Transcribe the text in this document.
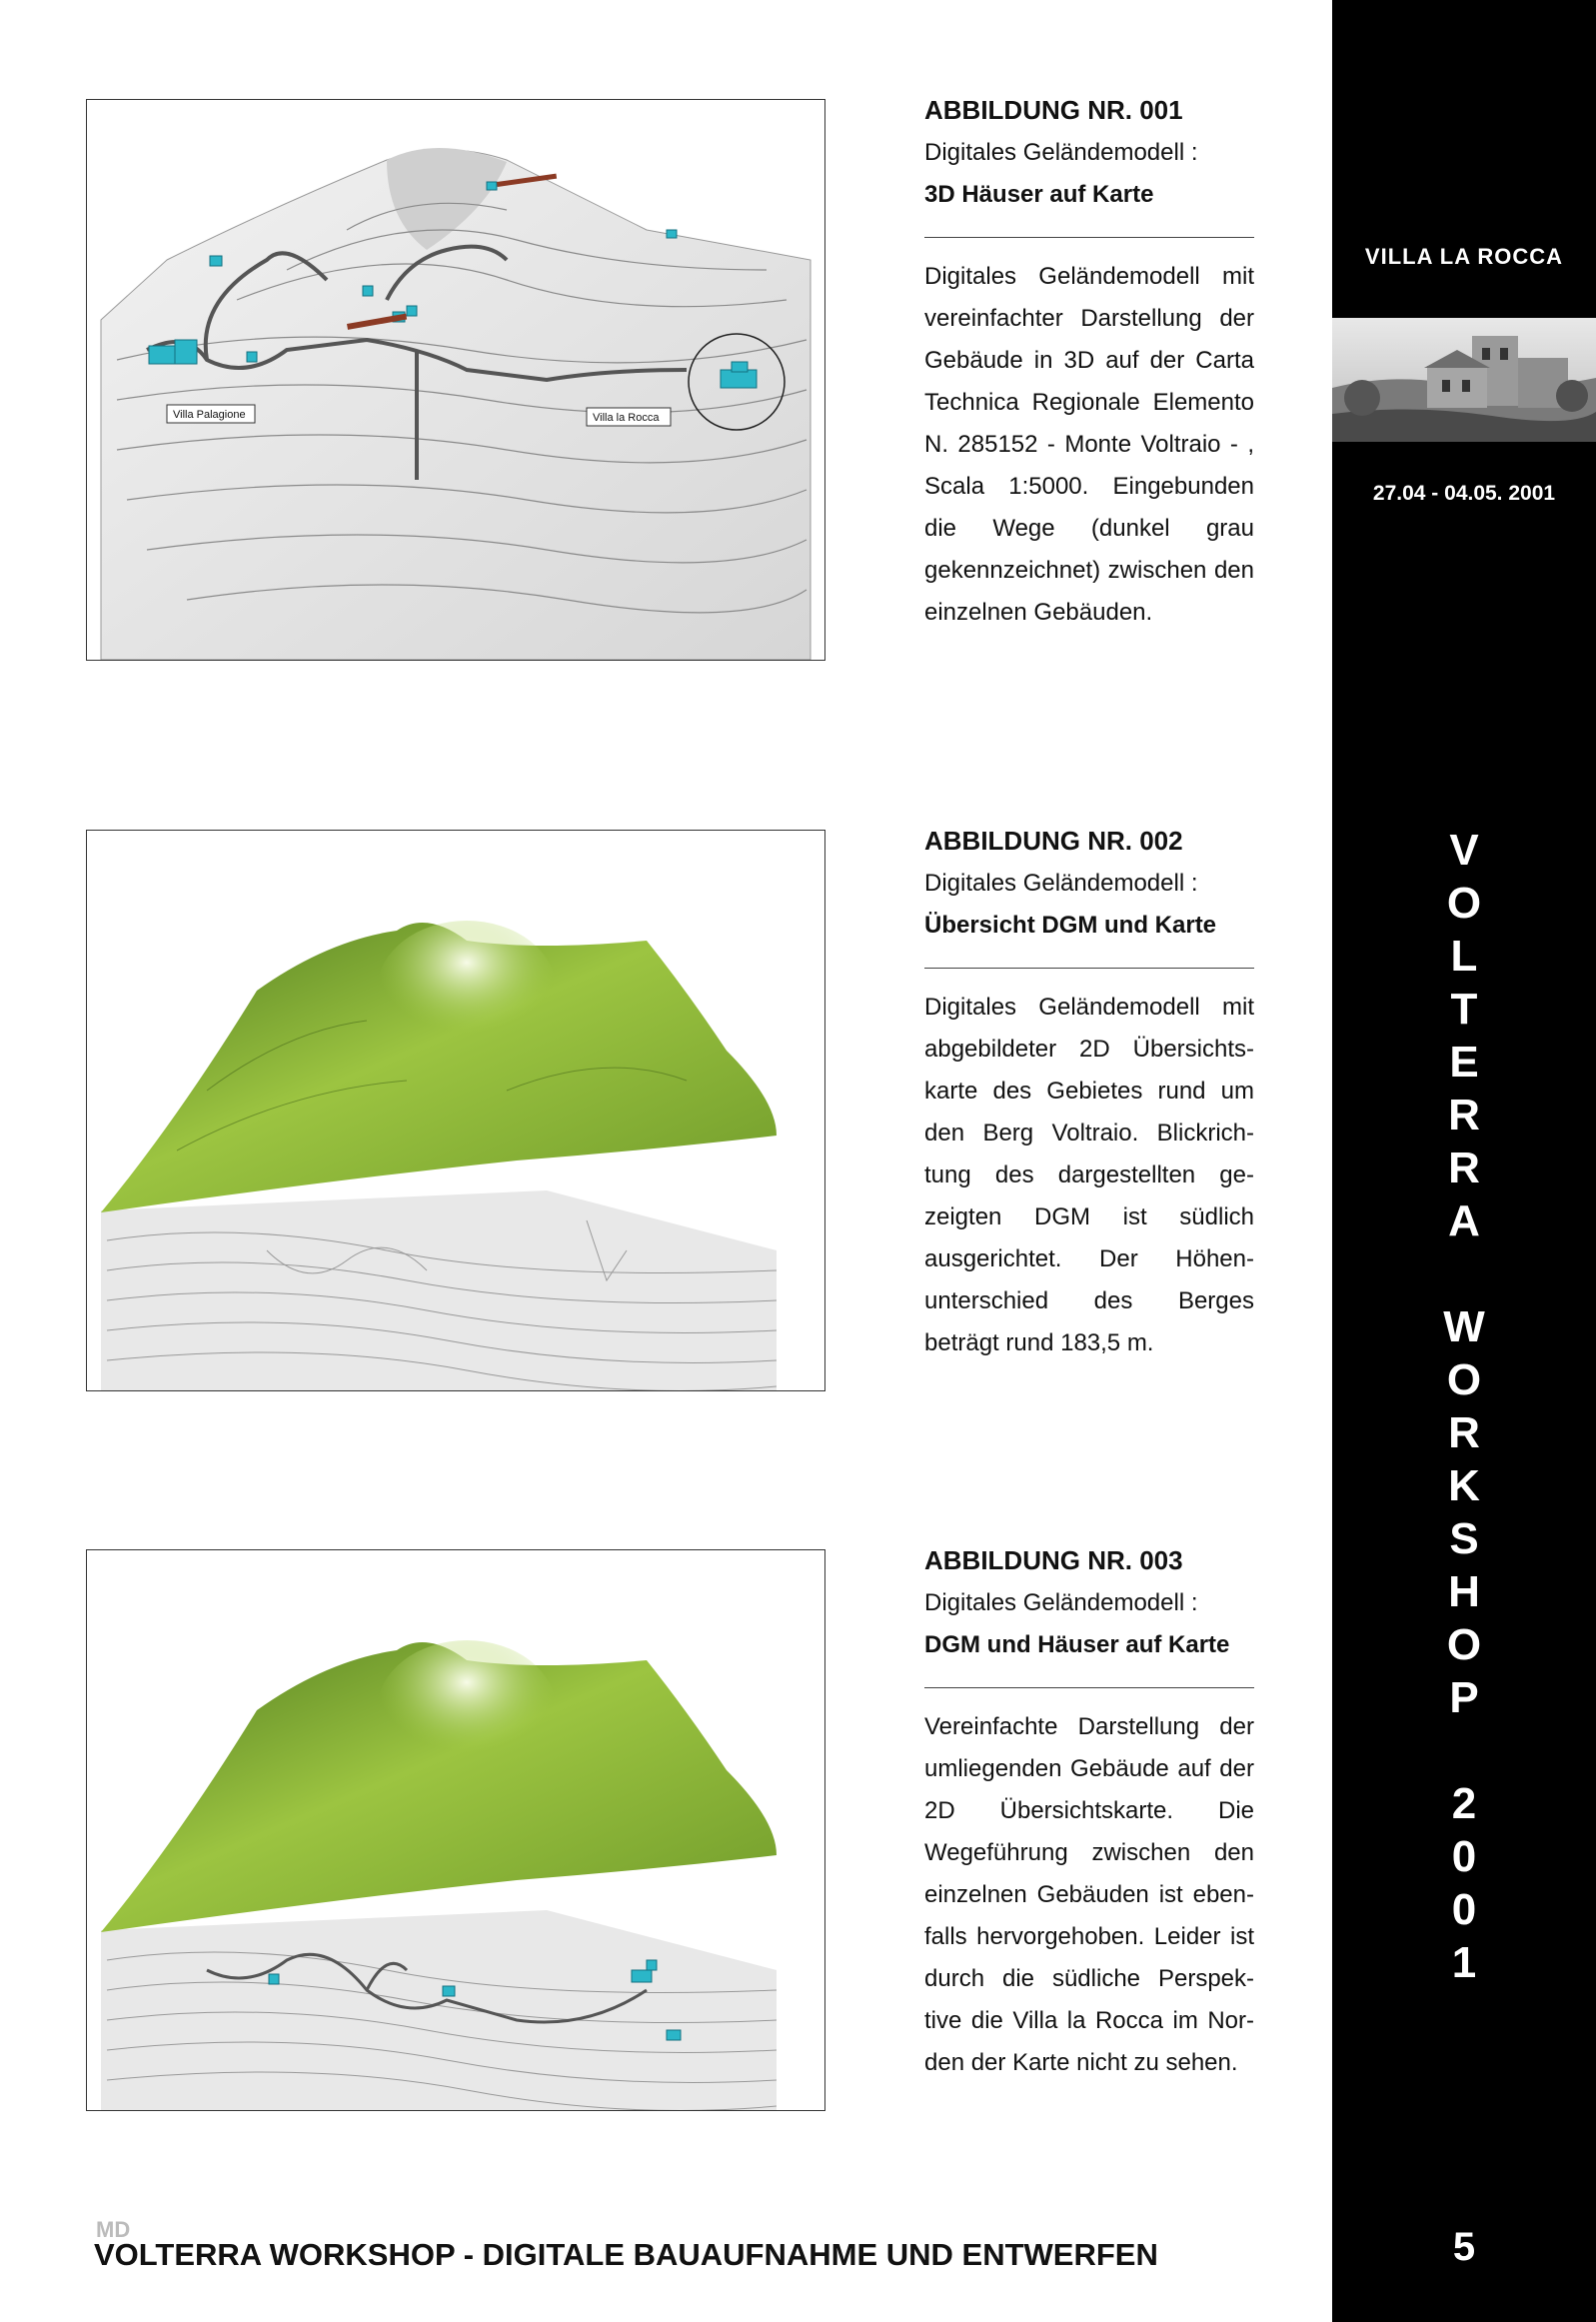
VILLA LA ROCCA
27.04 - 04.05. 2001
V
O
L
T
E
R
R
A
W
O
R
K
S
H
O
P
2
0
0
1
5
Villa Palagione	Villa la Rocca

ABBILDUNG NR. 001

Digitales Geländemodell :

3D Häuser auf Karte

Digitales Geländemodell mit vereinfachter Darstellung der Gebäude in 3D auf der Carta Technica Regionale Elemento N. 285152 - Monte Voltraio - , Scala 1:5000. Eingebunden die Wege (dunkel grau gekennzeichnet) zwischen den einzelnen Gebäuden.

ABBILDUNG NR. 002

Digitales Geländemodell :

Übersicht DGM und Karte

Digitales Geländemodell mit abgebildeter 2D Übersichts-karte des Gebietes rund um den Berg Voltraio. Blickrich-tung des dargestellten ge-zeigten DGM ist südlich ausgerichtet. Der Höhen-unterschied des Berges beträgt rund 183,5 m.

ABBILDUNG NR. 003

Digitales Geländemodell :

DGM und Häuser auf Karte

Vereinfachte Darstellung der umliegenden Gebäude auf der 2D Übersichtskarte. Die Wegeführung zwischen den einzelnen Gebäuden ist eben-falls hervorgehoben. Leider ist durch die südliche Perspek-tive die Villa la Rocca im Nor-den der Karte nicht zu sehen.

MD
VOLTERRA WORKSHOP - DIGITALE BAUAUFNAHME UND ENTWERFEN
